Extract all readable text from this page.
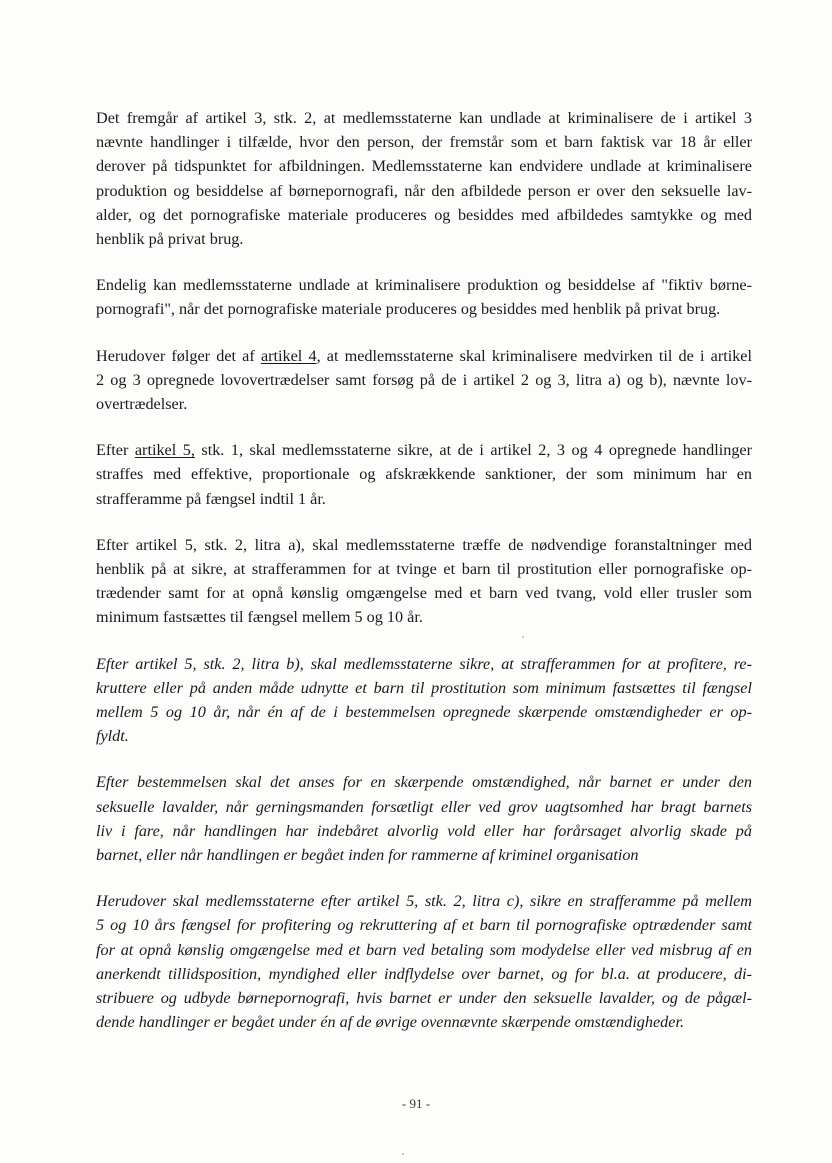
Det fremgår af artikel 3, stk. 2, at medlemsstaterne kan undlade at kriminalisere de i artikel 3
nævnte handlinger i tilfælde, hvor den person, der fremstår som et barn faktisk var 18 år eller
derover på tidspunktet for afbildningen. Medlemsstaterne kan endvidere undlade at kriminalisere
produktion og besiddelse af børnepornografi, når den afbildede person er over den seksuelle lav-
alder, og det pornografiske materiale produceres og besiddes med afbildedes samtykke og med
henblik på privat brug.

Endelig kan medlemsstaterne undlade at kriminalisere produktion og besiddelse af "fiktiv børne-
pornografi", når det pornografiske materiale produceres og besiddes med henblik på privat brug.

Herudover følger det af artikel 4, at medlemsstaterne skal kriminalisere medvirken til de i artikel
2 og 3 opregnede lovovertrædelser samt forsøg på de i artikel 2 og 3, litra a) og b), nævnte lov-
overtrædelser.

Efter artikel 5, stk. 1, skal medlemsstaterne sikre, at de i artikel 2, 3 og 4 opregnede handlinger
straffes med effektive, proportionale og afskrækkende sanktioner, der som minimum har en
strafferamme på fængsel indtil 1 år.

Efter artikel 5, stk. 2, litra a), skal medlemsstaterne træffe de nødvendige foranstaltninger med
henblik på at sikre, at strafferammen for at tvinge et barn til prostitution eller pornografiske op-
trædender samt for at opnå kønslig omgængelse med et barn ved tvang, vold eller trusler som
minimum fastsættes til fængsel mellem 5 og 10 år.

Efter artikel 5, stk. 2, litra b), skal medlemsstaterne sikre, at strafferammen for at profitere, re-
kruttere eller på anden måde udnytte et barn til prostitution som minimum fastsættes til fængsel
mellem 5 og 10 år, når én af de i bestemmelsen opregnede skærpende omstændigheder er op-
fyldt.

Efter bestemmelsen skal det anses for en skærpende omstændighed, når barnet er under den
seksuelle lavalder, når gerningsmanden forsætligt eller ved grov uagtsomhed har bragt barnets
liv i fare, når handlingen har indebåret alvorlig vold eller har forårsaget alvorlig skade på
barnet, eller når handlingen er begået inden for rammerne af kriminel organisation

Herudover skal medlemsstaterne efter artikel 5, stk. 2, litra c), sikre en strafferamme på mellem
5 og 10 års fængsel for profitering og rekruttering af et barn til pornografiske optrædender samt
for at opnå kønslig omgængelse med et barn ved betaling som modydelse eller ved misbrug af en
anerkendt tillidsposition, myndighed eller indflydelse over barnet, og for bl.a. at producere, di-
stribuere og udbyde børnepornografi, hvis barnet er under den seksuelle lavalder, og de pågæl-
dende handlinger er begået under én af de øvrige ovennævnte skærpende omstændigheder.

- 91 -
